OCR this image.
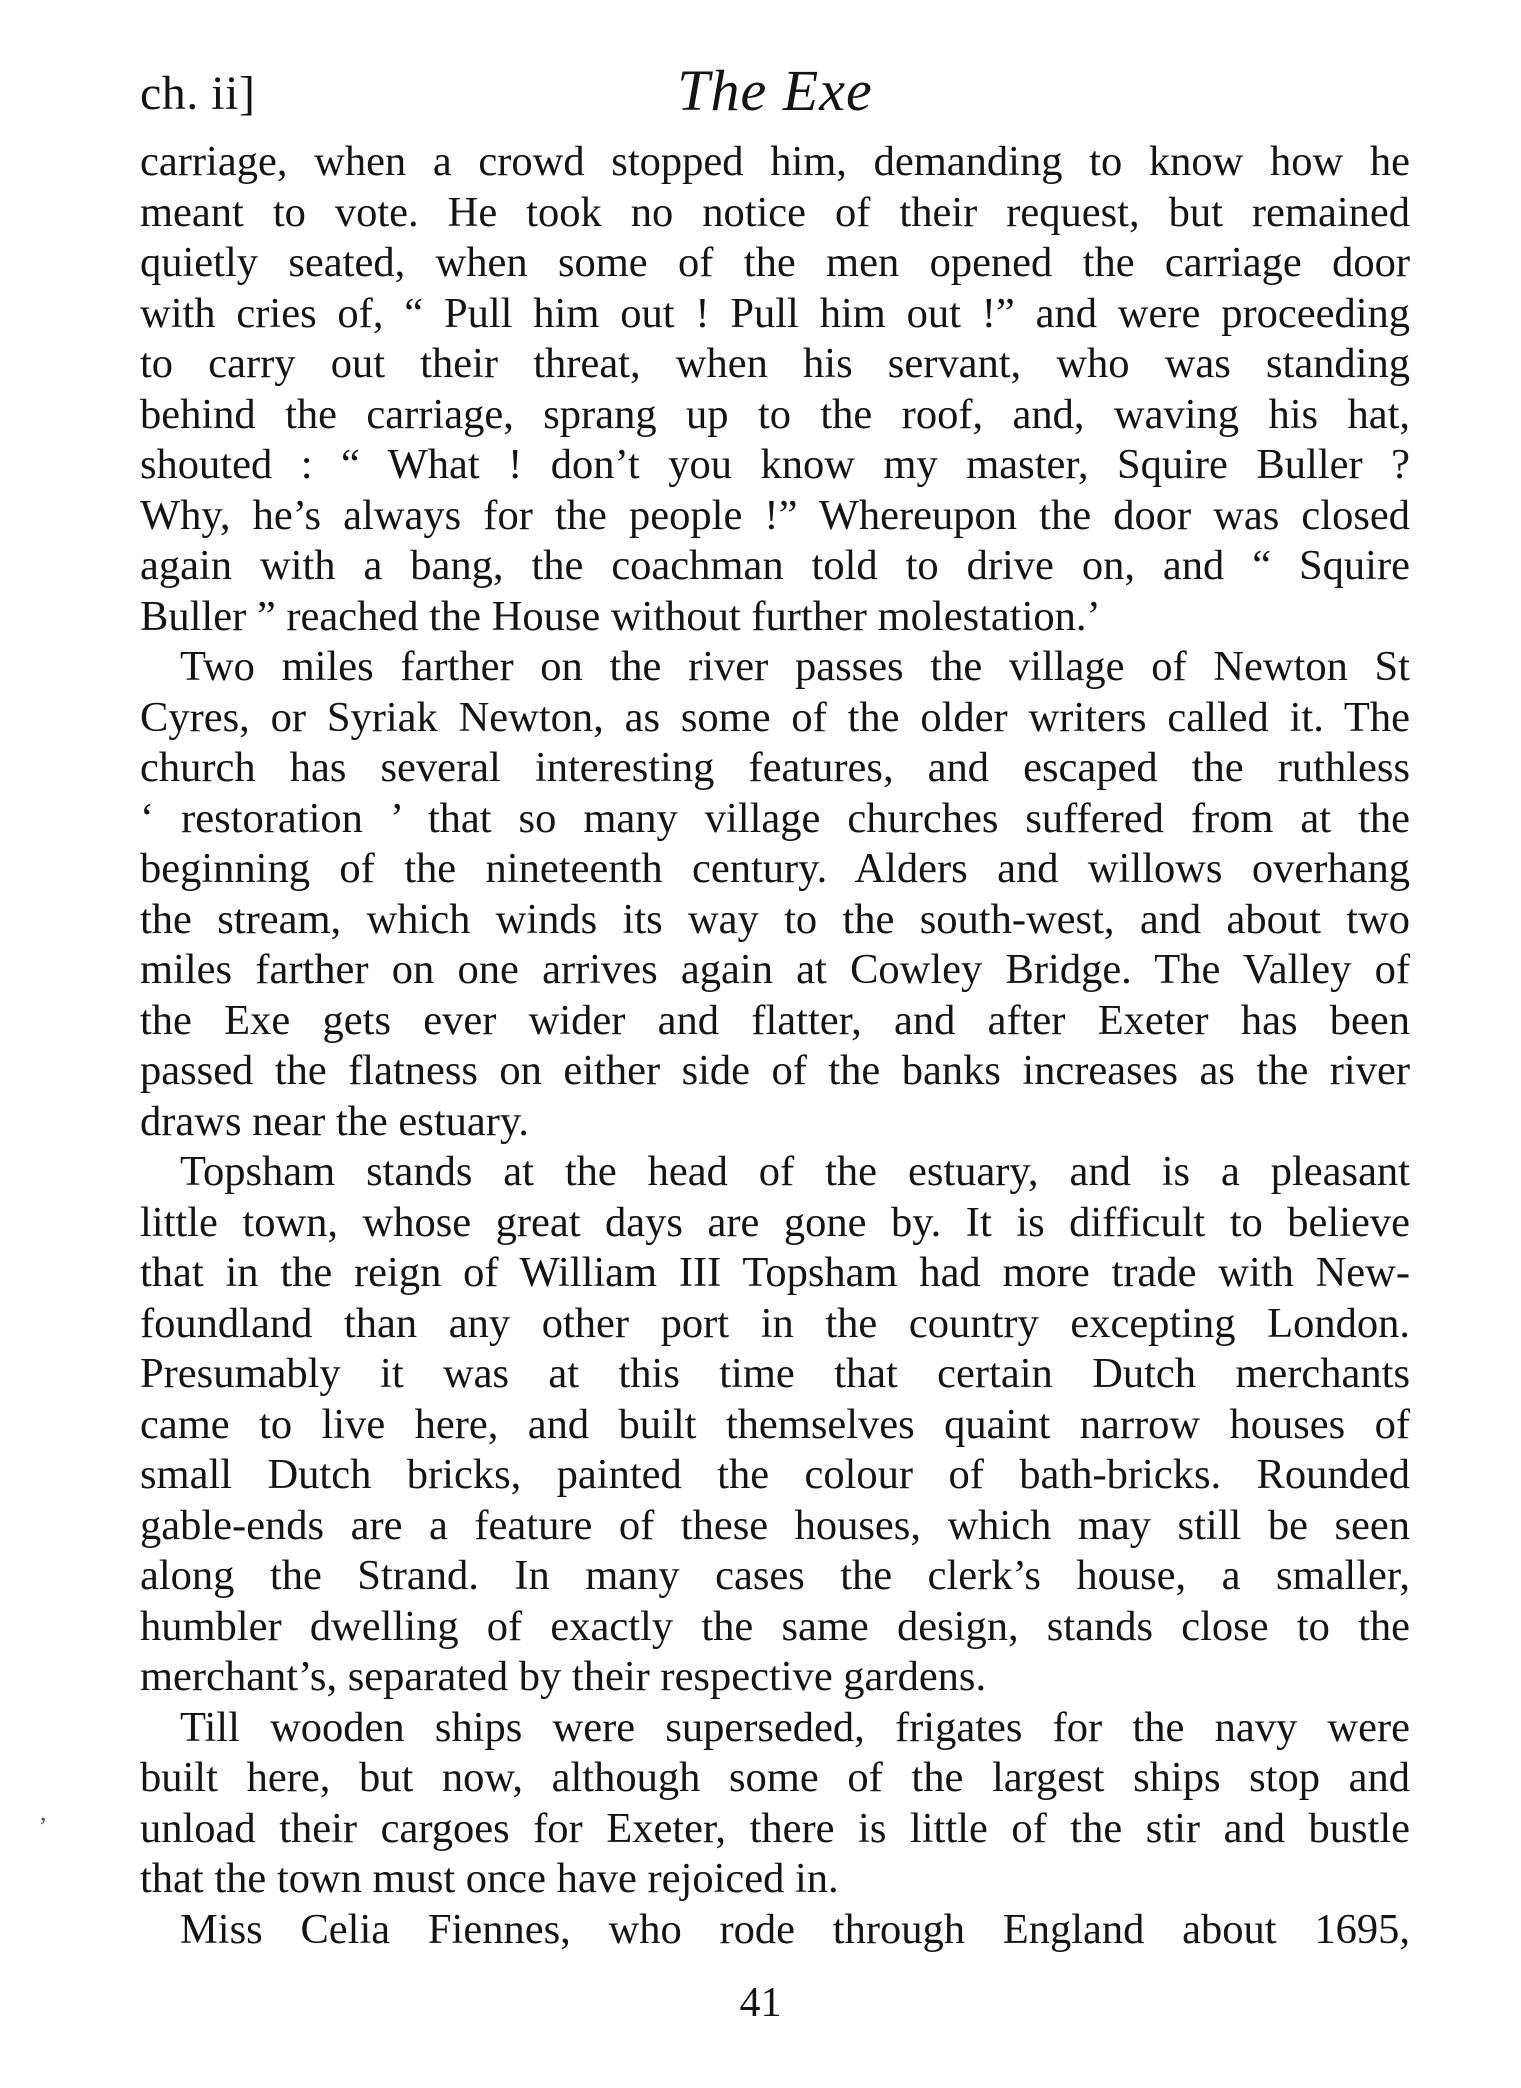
ch. ii]	The Exe
carriage, when a crowd stopped him, demanding to know how he
meant to vote. He took no notice of their request, but remained
quietly seated, when some of the men opened the carriage door
with cries of, “ Pull him out ! Pull him out !” and were proceeding
to carry out their threat, when his servant, who was standing
behind the carriage, sprang up to the roof, and, waving his hat,
shouted : “ What ! don’t you know my master, Squire Buller ?
Why, he’s always for the people !” Whereupon the door was closed
again with a bang, the coachman told to drive on, and “ Squire
Buller ” reached the House without further molestation.’
Two miles farther on the river passes the village of Newton St
Cyres, or Syriak Newton, as some of the older writers called it. The
church has several interesting features, and escaped the ruthless
‘ restoration ’ that so many village churches suffered from at the
beginning of the nineteenth century. Alders and willows overhang
the stream, which winds its way to the south-west, and about two
miles farther on one arrives again at Cowley Bridge. The Valley of
the Exe gets ever wider and flatter, and after Exeter has been
passed the flatness on either side of the banks increases as the river
draws near the estuary.
Topsham stands at the head of the estuary, and is a pleasant
little town, whose great days are gone by. It is difficult to believe
that in the reign of William III Topsham had more trade with New-
foundland than any other port in the country excepting London.
Presumably it was at this time that certain Dutch merchants
came to live here, and built themselves quaint narrow houses of
small Dutch bricks, painted the colour of bath-bricks. Rounded
gable-ends are a feature of these houses, which may still be seen
along the Strand. In many cases the clerk’s house, a smaller,
humbler dwelling of exactly the same design, stands close to the
merchant’s, separated by their respective gardens.
Till wooden ships were superseded, frigates for the navy were
built here, but now, although some of the largest ships stop and
unload their cargoes for Exeter, there is little of the stir and bustle
that the town must once have rejoiced in.
Miss Celia Fiennes, who rode through England about 1695,
,
41
